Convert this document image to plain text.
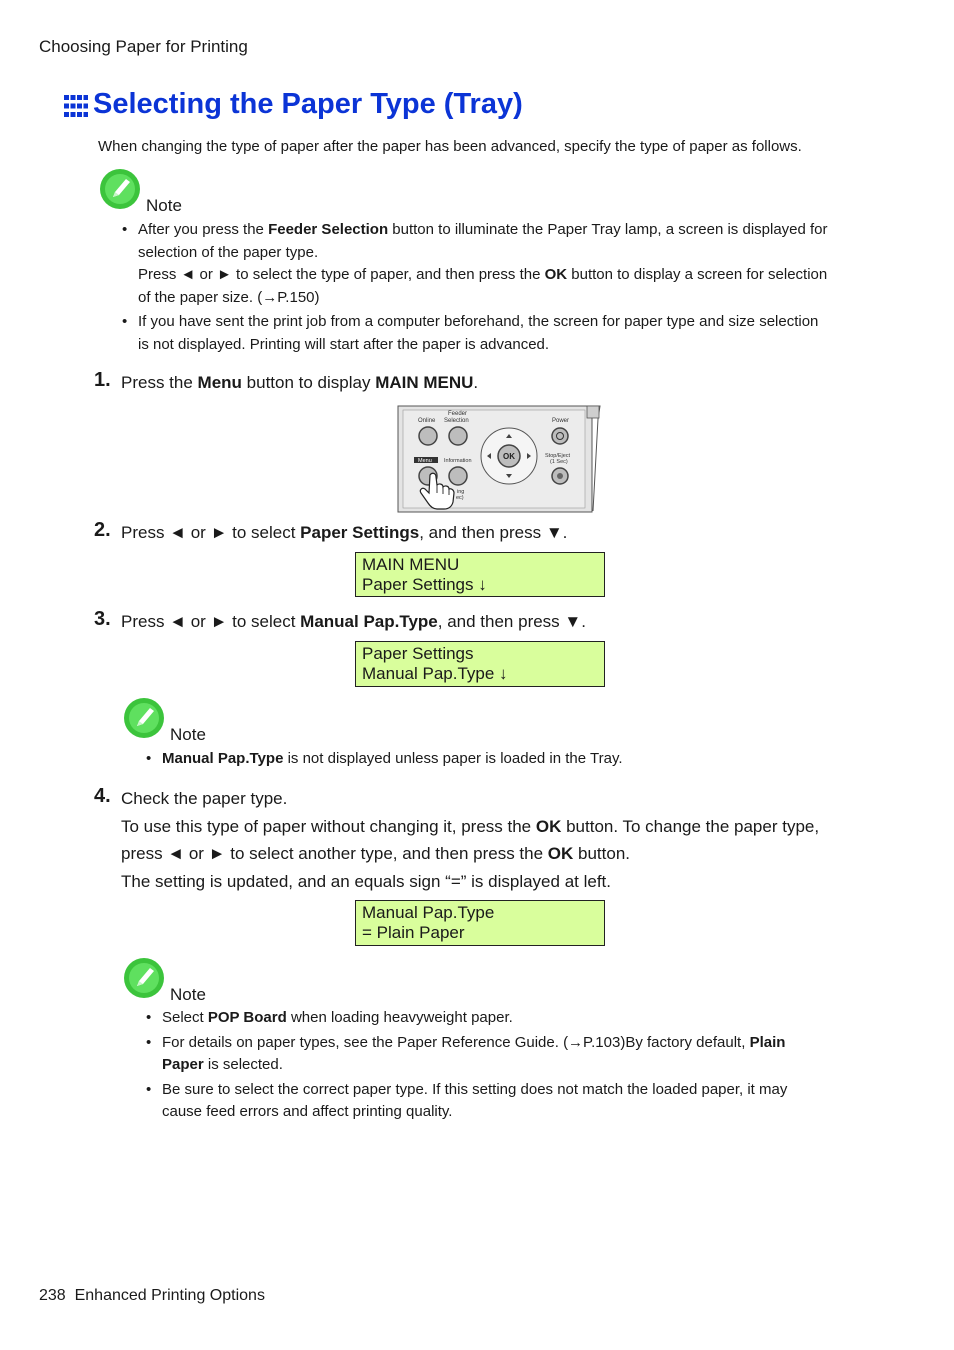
Choosing Paper for Printing
Selecting the Paper Type (Tray)
When changing the type of paper after the paper has been advanced, specify the type of paper as follows.
Note
• After you press the Feeder Selection button to illuminate the Paper Tray lamp, a screen is displayed for
selection of the paper type.
Press ◄ or ► to select the type of paper, and then press the OK button to display a screen for selection
of the paper size. (→P.150)
• If you have sent the print job from a computer beforehand, the screen for paper type and size selection
is not displayed. Printing will start after the paper is advanced.
1. Press the Menu button to display MAIN MENU.
Online
Feeder
Selection	Power
OK	Stop/Eject
(1 Sec)
Menu Information
ing
ec)
2. Press ◄ or ► to select Paper Settings, and then press ▼.
MAIN MENU
Paper Settings ↓
3. Press ◄ or ► to select Manual Pap.Type, and then press ▼.
Paper Settings
Manual Pap.Type ↓
Note
• Manual Pap.Type is not displayed unless paper is loaded in the Tray.
4. Check the paper type.
To use this type of paper without changing it, press the OK button. To change the paper type,
press ◄ or ► to select another type, and then press the OK button.
The setting is updated, and an equals sign “=” is displayed at left.
Manual Pap.Type
= Plain Paper
Note
• Select POP Board when loading heavyweight paper.
• For details on paper types, see the Paper Reference Guide. (→P.103)By factory default, Plain
Paper is selected.
• Be sure to select the correct paper type. If this setting does not match the loaded paper, it may
cause feed errors and affect printing quality.
238 Enhanced Printing Options
